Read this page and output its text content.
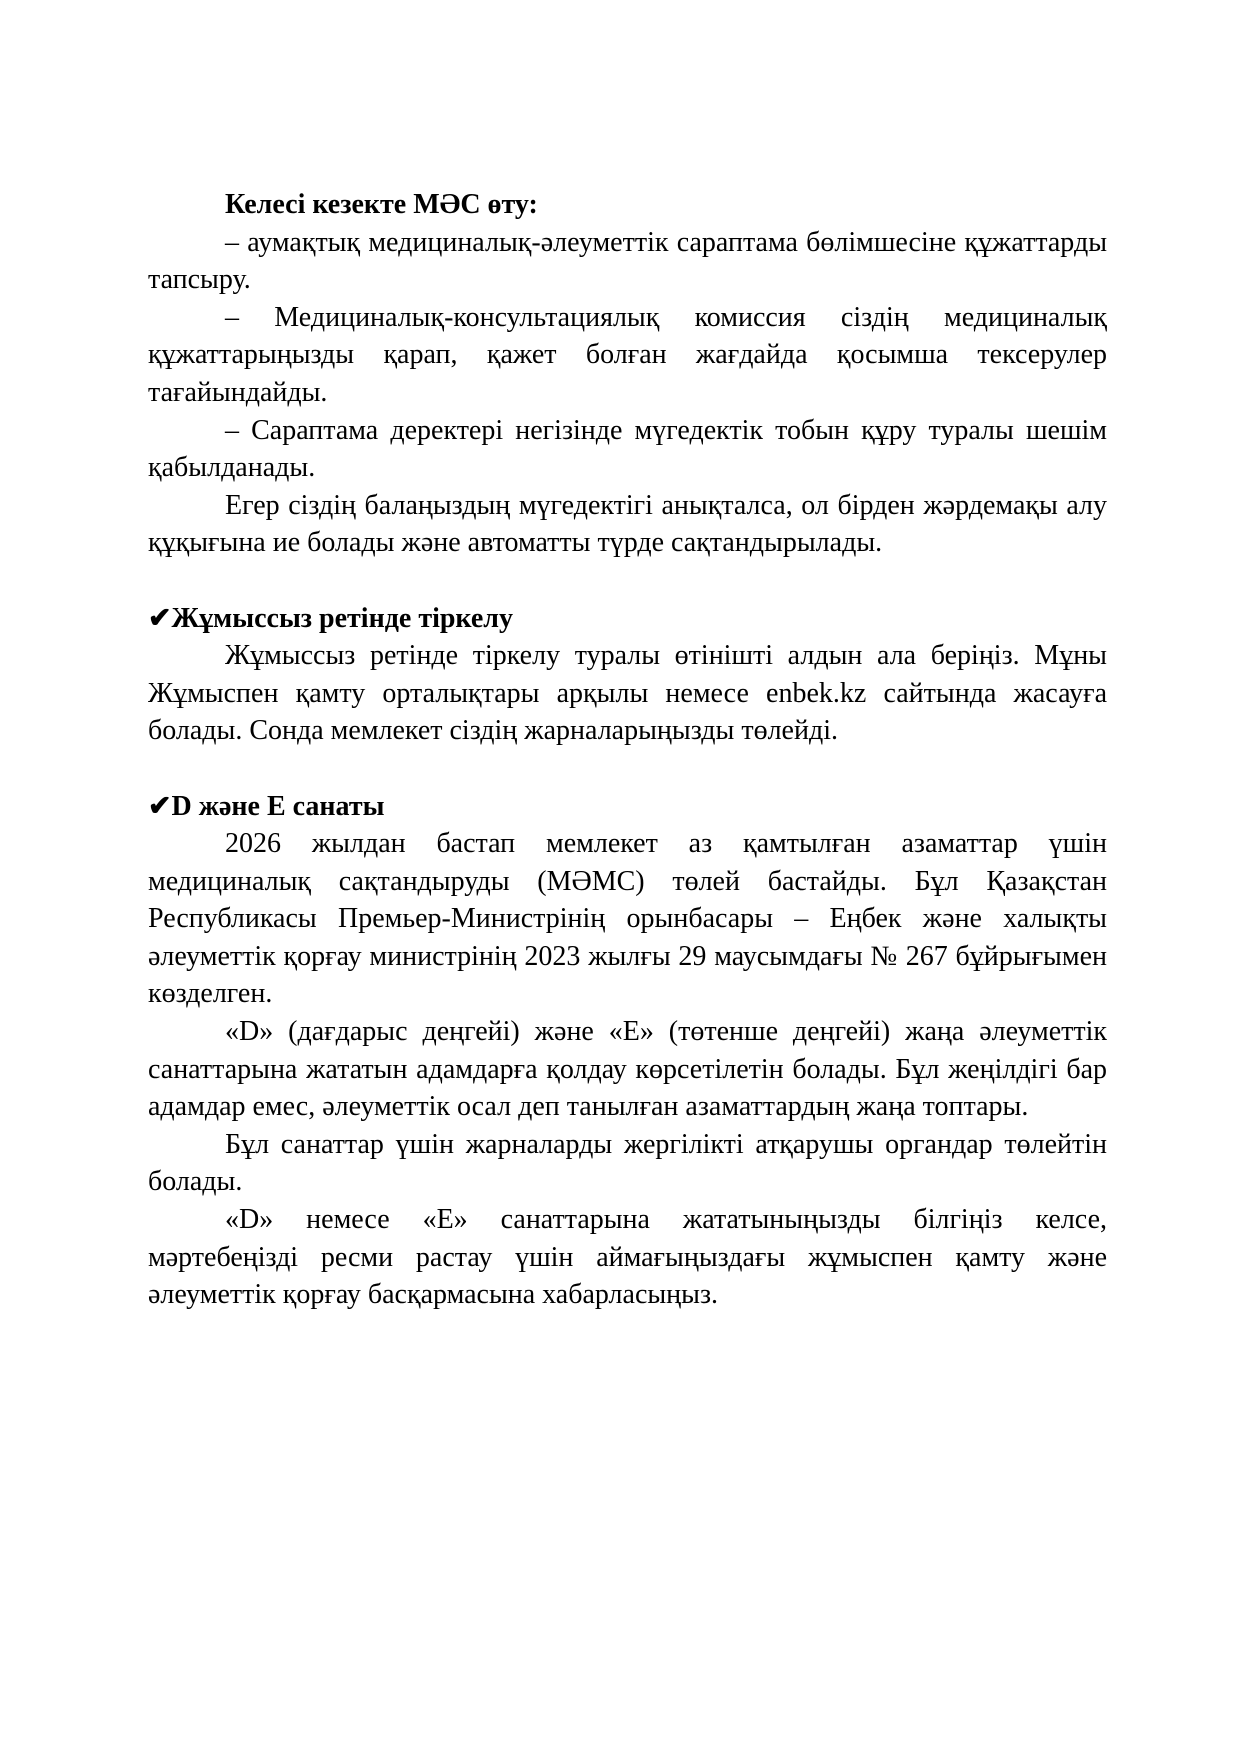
Келесі кезекте МӘС өту:

– аумақтық медициналық-әлеуметтік сараптама бөлімшесіне құжаттарды тапсыру.

– Медициналық-консультациялық комиссия сіздің медициналық құжаттарыңызды қарап, қажет болған жағдайда қосымша тексерулер тағайындайды.

– Сараптама деректері негізінде мүгедектік тобын құру туралы шешім қабылданады.

Егер сіздің балаңыздың мүгедектігі анықталса, ол бірден жәрдемақы алу құқығына ие болады және автоматты түрде сақтандырылады.

✔Жұмыссыз ретінде тіркелу

Жұмыссыз ретінде тіркелу туралы өтінішті алдын ала беріңіз. Мұны Жұмыспен қамту орталықтары арқылы немесе enbek.kz сайтында жасауға болады. Сонда мемлекет сіздің жарналарыңызды төлейді.

✔D және Е санаты

2026 жылдан бастап мемлекет аз қамтылған азаматтар үшін медициналық сақтандыруды (МӘМС) төлей бастайды. Бұл Қазақстан Республикасы Премьер-Министрінің орынбасары – Еңбек және халықты әлеуметтік қорғау министрінің 2023 жылғы 29 маусымдағы № 267 бұйрығымен көзделген.

«D» (дағдарыс деңгейі) және «Е» (төтенше деңгейі) жаңа әлеуметтік санаттарына жататын адамдарға қолдау көрсетілетін болады. Бұл жеңілдігі бар адамдар емес, әлеуметтік осал деп танылған азаматтардың жаңа топтары.

Бұл санаттар үшін жарналарды жергілікті атқарушы органдар төлейтін болады.

«D» немесе «Е» санаттарына жататыныңызды білгіңіз келсе, мәртебеңізді ресми растау үшін аймағыңыздағы жұмыспен қамту және әлеуметтік қорғау басқармасына хабарласыңыз.
